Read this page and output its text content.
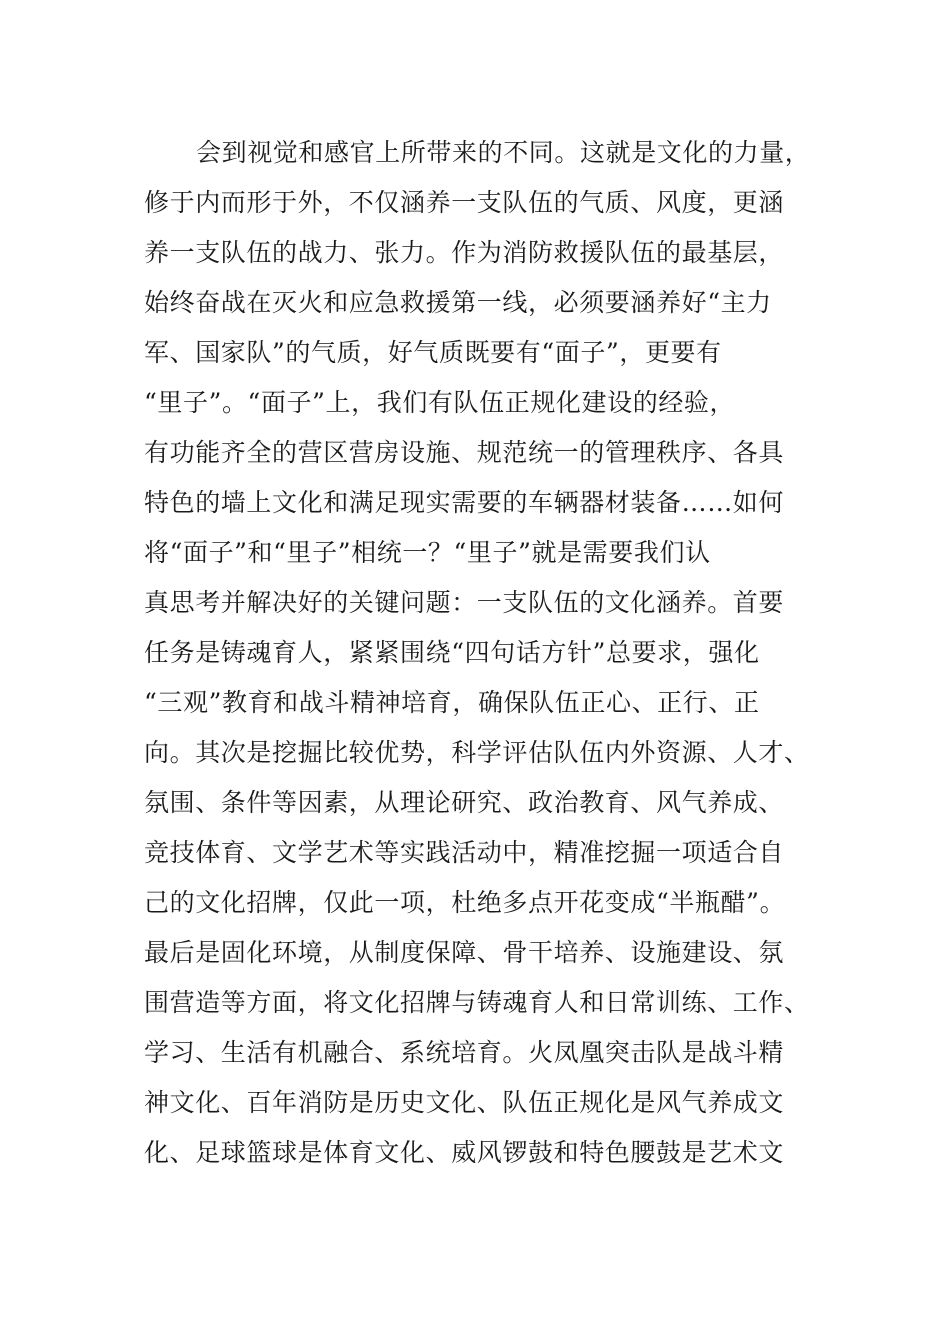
会到视觉和感官上所带来的不同。这就是文化的力量，
修于内而形于外，不仅涵养一支队伍的气质、风度，更涵
养一支队伍的战力、张力。作为消防救援队伍的最基层，
始终奋战在灭火和应急救援第一线，必须要涵养好“主力
军、国家队”的气质，好气质既要有“面子”，更要有
“里子”。“面子”上，我们有队伍正规化建设的经验，
有功能齐全的营区营房设施、规范统一的管理秩序、各具
特色的墙上文化和满足现实需要的车辆器材装备……如何
将“面子”和“里子”相统一？“里子”就是需要我们认
真思考并解决好的关键问题：一支队伍的文化涵养。首要
任务是铸魂育人，紧紧围绕“四句话方针”总要求，强化
“三观”教育和战斗精神培育，确保队伍正心、正行、正
向。其次是挖掘比较优势，科学评估队伍内外资源、人才、
氛围、条件等因素，从理论研究、政治教育、风气养成、
竞技体育、文学艺术等实践活动中，精准挖掘一项适合自
己的文化招牌，仅此一项，杜绝多点开花变成“半瓶醋”。
最后是固化环境，从制度保障、骨干培养、设施建设、氛
围营造等方面，将文化招牌与铸魂育人和日常训练、工作、
学习、生活有机融合、系统培育。火凤凰突击队是战斗精
神文化、百年消防是历史文化、队伍正规化是风气养成文
化、足球篮球是体育文化、威风锣鼓和特色腰鼓是艺术文
